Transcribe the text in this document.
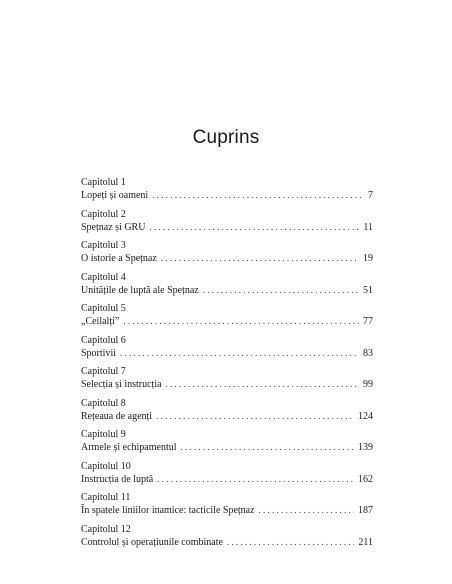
Cuprins
Capitolul 1
Lopeți și oameni . . .	7
Capitolul 2
Spețnaz și GRU . . .	11
Capitolul 3
O istorie a Spețnaz . . .	19
Capitolul 4
Unitățile de luptă ale Spețnaz . . .	51
Capitolul 5
„Ceilalți” . . .	77
Capitolul 6
Sportivii . . .	83
Capitolul 7
Selecția și instrucția . . .	99
Capitolul 8
Rețeaua de agenți . . .	124
Capitolul 9
Armele și echipamentul . . .	139
Capitolul 10
Instrucția de luptă . . .	162
Capitolul 11
În spatele liniilor inamice: tacticile Spețnaz . . .	187
Capitolul 12
Controlul și operațiunile combinate . . .	211
